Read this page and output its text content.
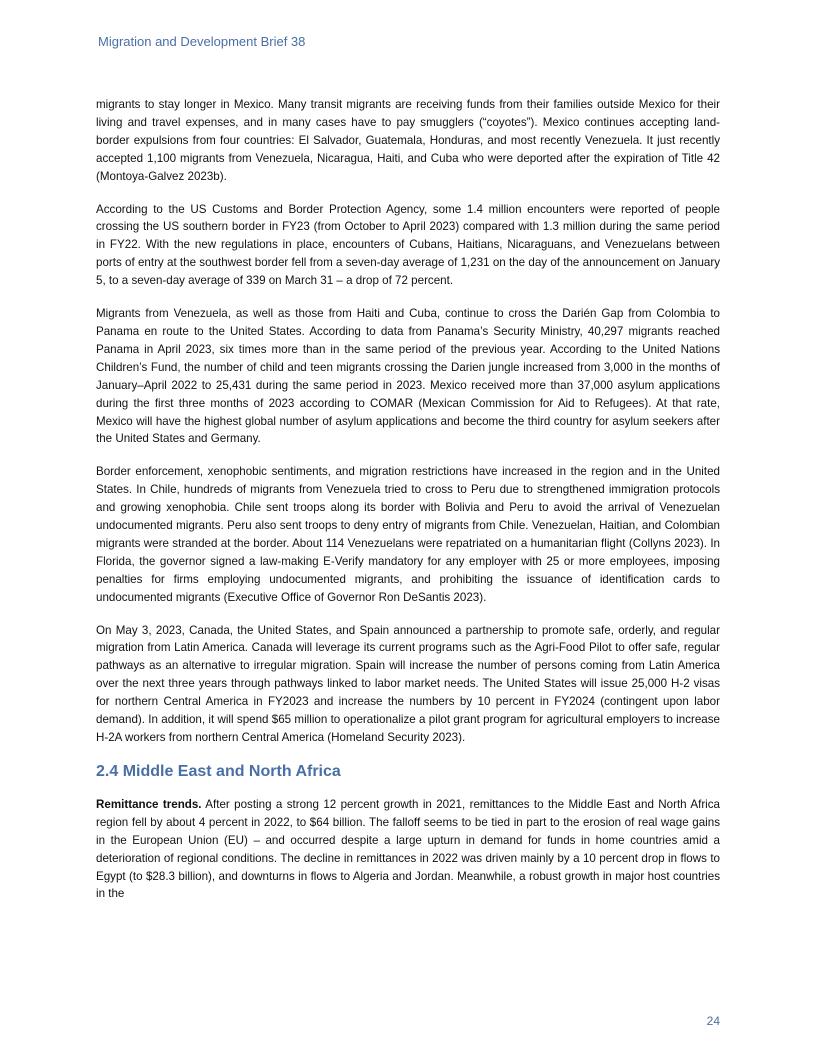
Migration and Development Brief 38

migrants to stay longer in Mexico. Many transit migrants are receiving funds from their families outside Mexico for their living and travel expenses, and in many cases have to pay smugglers (“coyotes”). Mexico continues accepting land-border expulsions from four countries: El Salvador, Guatemala, Honduras, and most recently Venezuela. It just recently accepted 1,100 migrants from Venezuela, Nicaragua, Haiti, and Cuba who were deported after the expiration of Title 42 (Montoya-Galvez 2023b).

According to the US Customs and Border Protection Agency, some 1.4 million encounters were reported of people crossing the US southern border in FY23 (from October to April 2023) compared with 1.3 million during the same period in FY22. With the new regulations in place, encounters of Cubans, Haitians, Nicaraguans, and Venezuelans between ports of entry at the southwest border fell from a seven-day average of 1,231 on the day of the announcement on January 5, to a seven-day average of 339 on March 31 – a drop of 72 percent.

Migrants from Venezuela, as well as those from Haiti and Cuba, continue to cross the Darién Gap from Colombia to Panama en route to the United States. According to data from Panama’s Security Ministry, 40,297 migrants reached Panama in April 2023, six times more than in the same period of the previous year. According to the United Nations Children’s Fund, the number of child and teen migrants crossing the Darien jungle increased from 3,000 in the months of January–April 2022 to 25,431 during the same period in 2023. Mexico received more than 37,000 asylum applications during the first three months of 2023 according to COMAR (Mexican Commission for Aid to Refugees). At that rate, Mexico will have the highest global number of asylum applications and become the third country for asylum seekers after the United States and Germany.

Border enforcement, xenophobic sentiments, and migration restrictions have increased in the region and in the United States. In Chile, hundreds of migrants from Venezuela tried to cross to Peru due to strengthened immigration protocols and growing xenophobia. Chile sent troops along its border with Bolivia and Peru to avoid the arrival of Venezuelan undocumented migrants. Peru also sent troops to deny entry of migrants from Chile. Venezuelan, Haitian, and Colombian migrants were stranded at the border. About 114 Venezuelans were repatriated on a humanitarian flight (Collyns 2023). In Florida, the governor signed a law-making E-Verify mandatory for any employer with 25 or more employees, imposing penalties for firms employing undocumented migrants, and prohibiting the issuance of identification cards to undocumented migrants (Executive Office of Governor Ron DeSantis 2023).

On May 3, 2023, Canada, the United States, and Spain announced a partnership to promote safe, orderly, and regular migration from Latin America. Canada will leverage its current programs such as the Agri-Food Pilot to offer safe, regular pathways as an alternative to irregular migration. Spain will increase the number of persons coming from Latin America over the next three years through pathways linked to labor market needs. The United States will issue 25,000 H-2 visas for northern Central America in FY2023 and increase the numbers by 10 percent in FY2024 (contingent upon labor demand). In addition, it will spend $65 million to operationalize a pilot grant program for agricultural employers to increase H-2A workers from northern Central America (Homeland Security 2023).

2.4 Middle East and North Africa

Remittance trends. After posting a strong 12 percent growth in 2021, remittances to the Middle East and North Africa region fell by about 4 percent in 2022, to $64 billion. The falloff seems to be tied in part to the erosion of real wage gains in the European Union (EU) – and occurred despite a large upturn in demand for funds in home countries amid a deterioration of regional conditions. The decline in remittances in 2022 was driven mainly by a 10 percent drop in flows to Egypt (to $28.3 billion), and downturns in flows to Algeria and Jordan. Meanwhile, a robust growth in major host countries in the

24
